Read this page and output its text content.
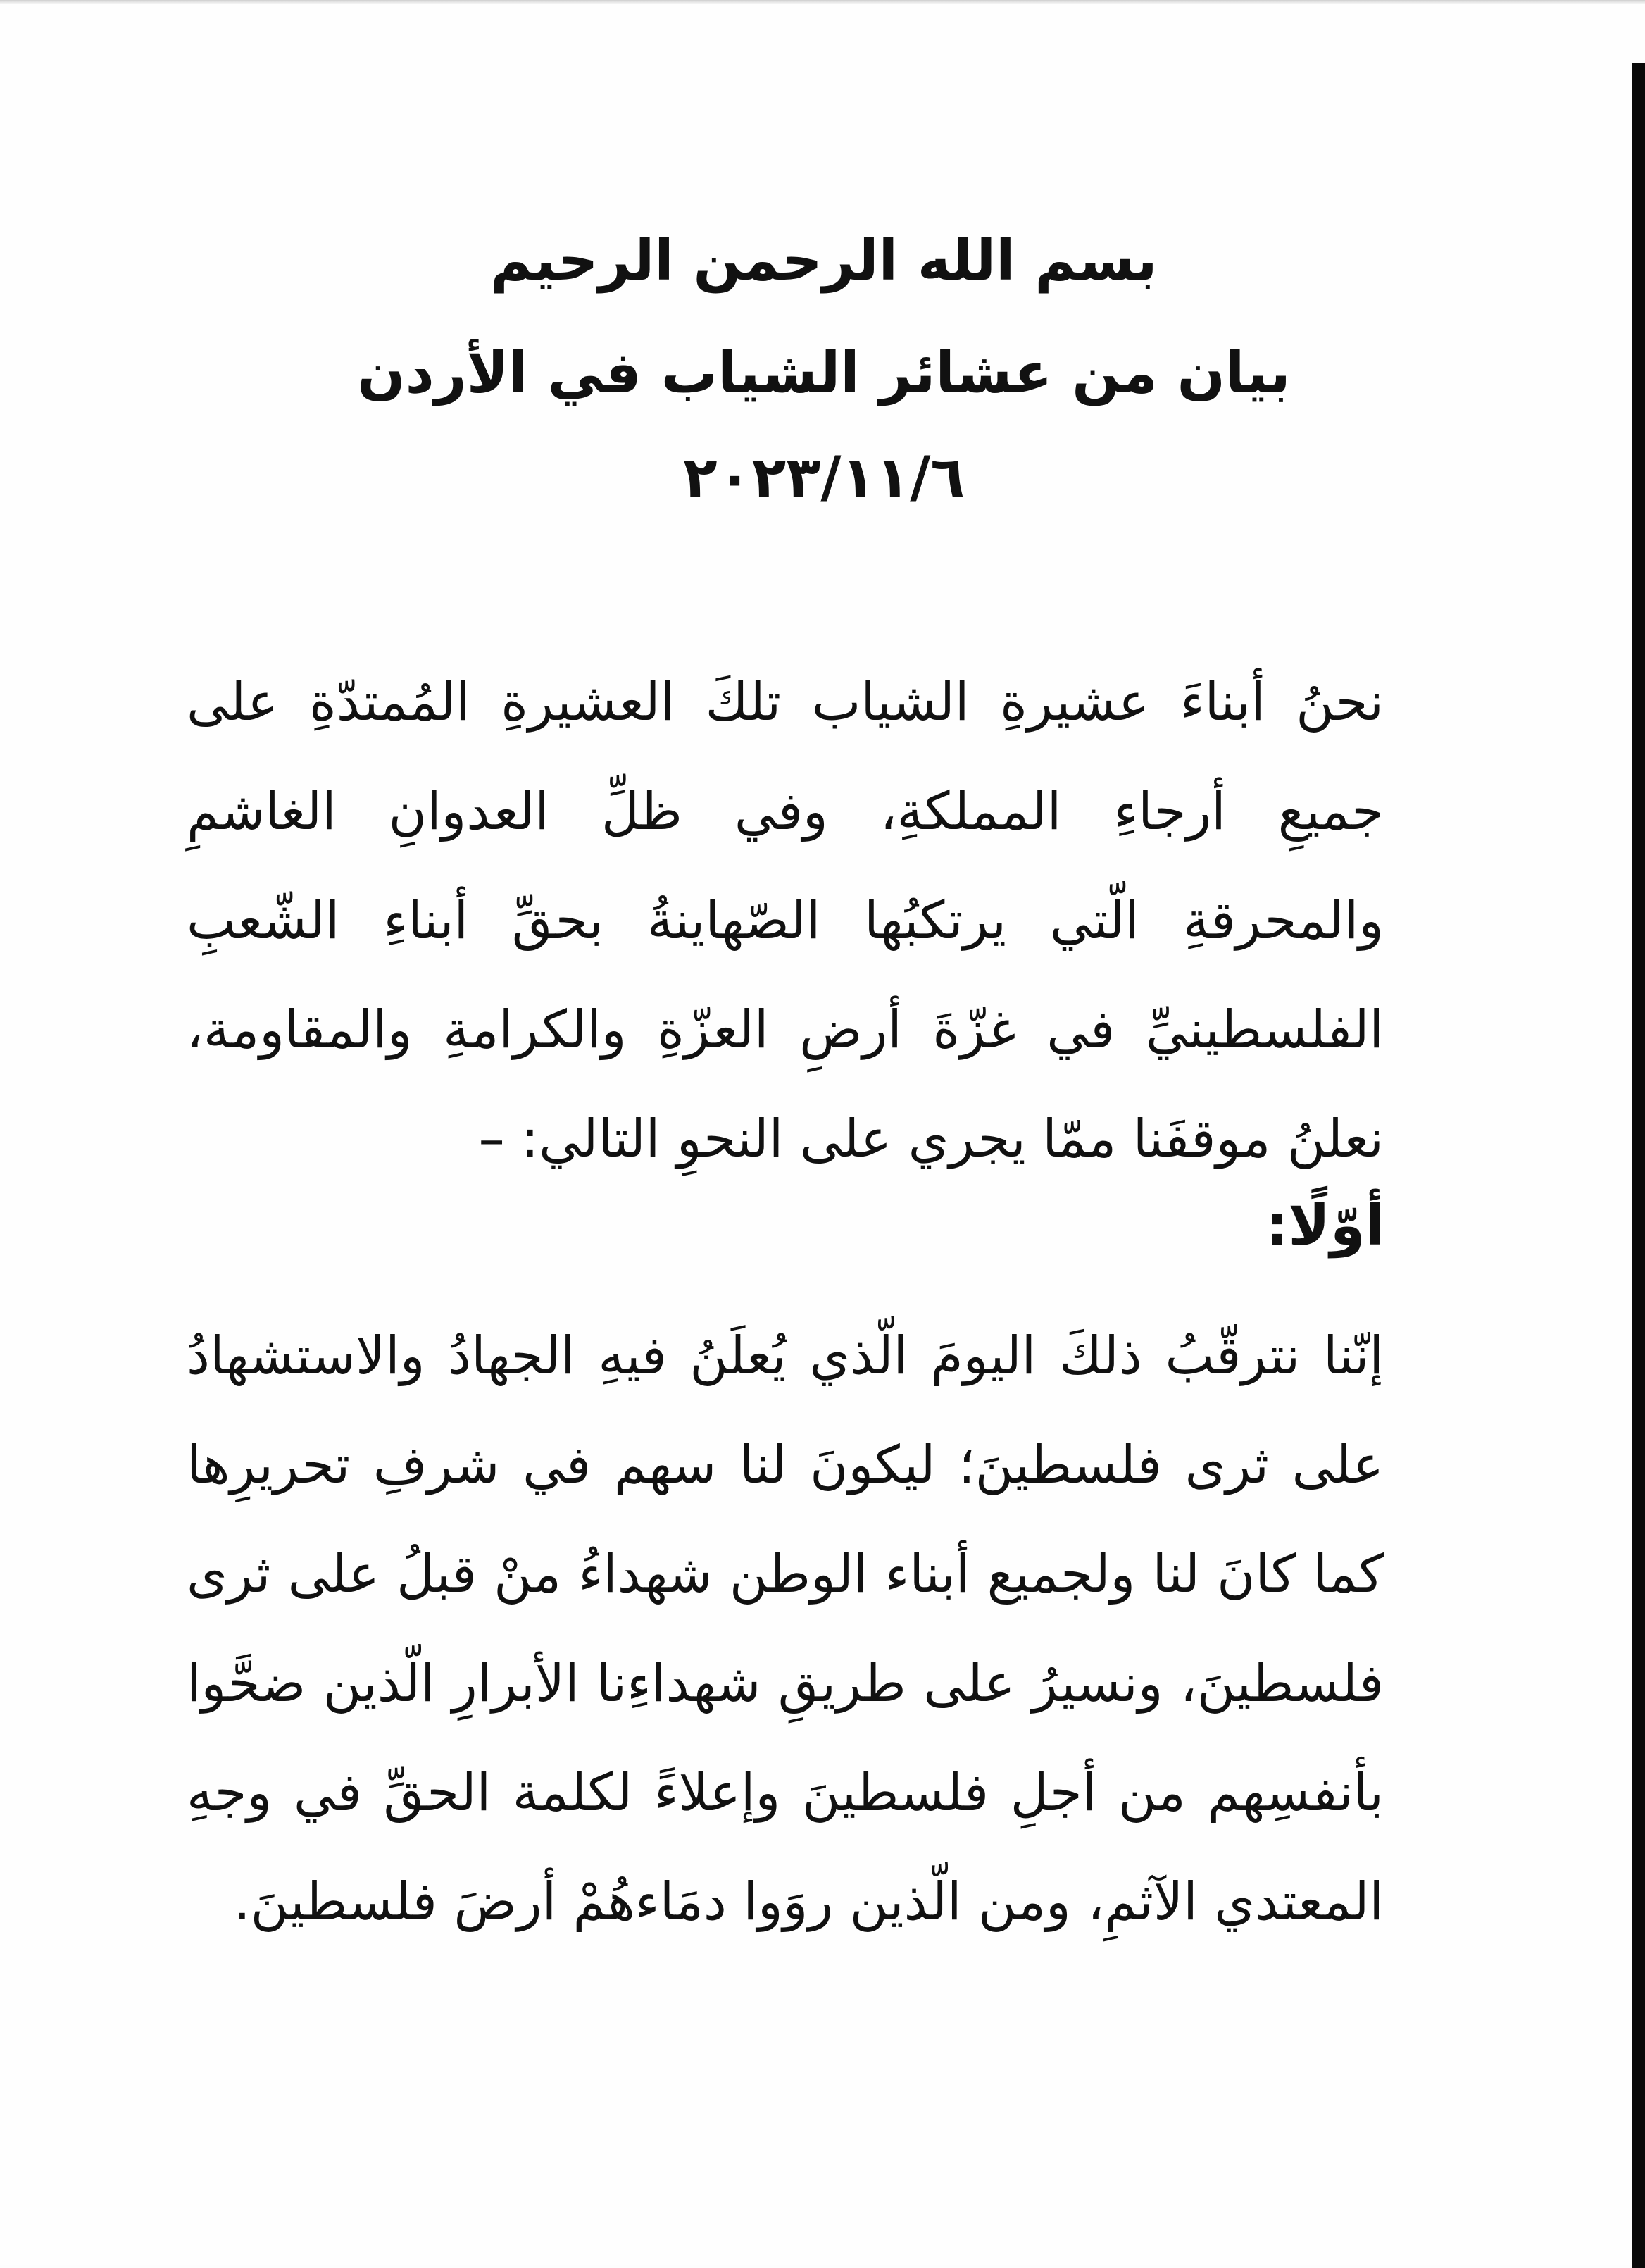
بسم الله الرحمن الرحيم
بيان من عشائر الشياب في الأردن
٢٠٢٣/١١/٦

نحنُ أبناءَ عشيرةِ الشياب تلكَ العشيرةِ المُمتدّةِ على جميعِ أرجاءِ المملكةِ، وفي ظلِّ العدوانِ الغاشمِ والمحرقةِ الّتي يرتكبُها الصّهاينةُ بحقِّ أبناءِ الشّعبِ الفلسطينيِّ في غزّةَ أرضِ العزّةِ والكرامةِ والمقاومة، نعلنُ موقفَنا ممّا يجري على النحوِ التالي: –

أوّلًا:

إنّنا نترقّبُ ذلكَ اليومَ الّذي يُعلَنُ فيهِ الجهادُ والاستشهادُ على ثرى فلسطينَ؛ ليكونَ لنا سهم في شرفِ تحريرِها كما كانَ لنا ولجميع أبناء الوطن شهداءُ منْ قبلُ على ثرى فلسطينَ، ونسيرُ على طريقِ شهداءِنا الأبرارِ الّذين ضحَّوا بأنفسِهم من أجلِ فلسطينَ وإعلاءً لكلمة الحقِّ في وجهِ المعتدي الآثمِ، ومن الّذين روَوا دمَاءهُمْ أرضَ فلسطينَ.
